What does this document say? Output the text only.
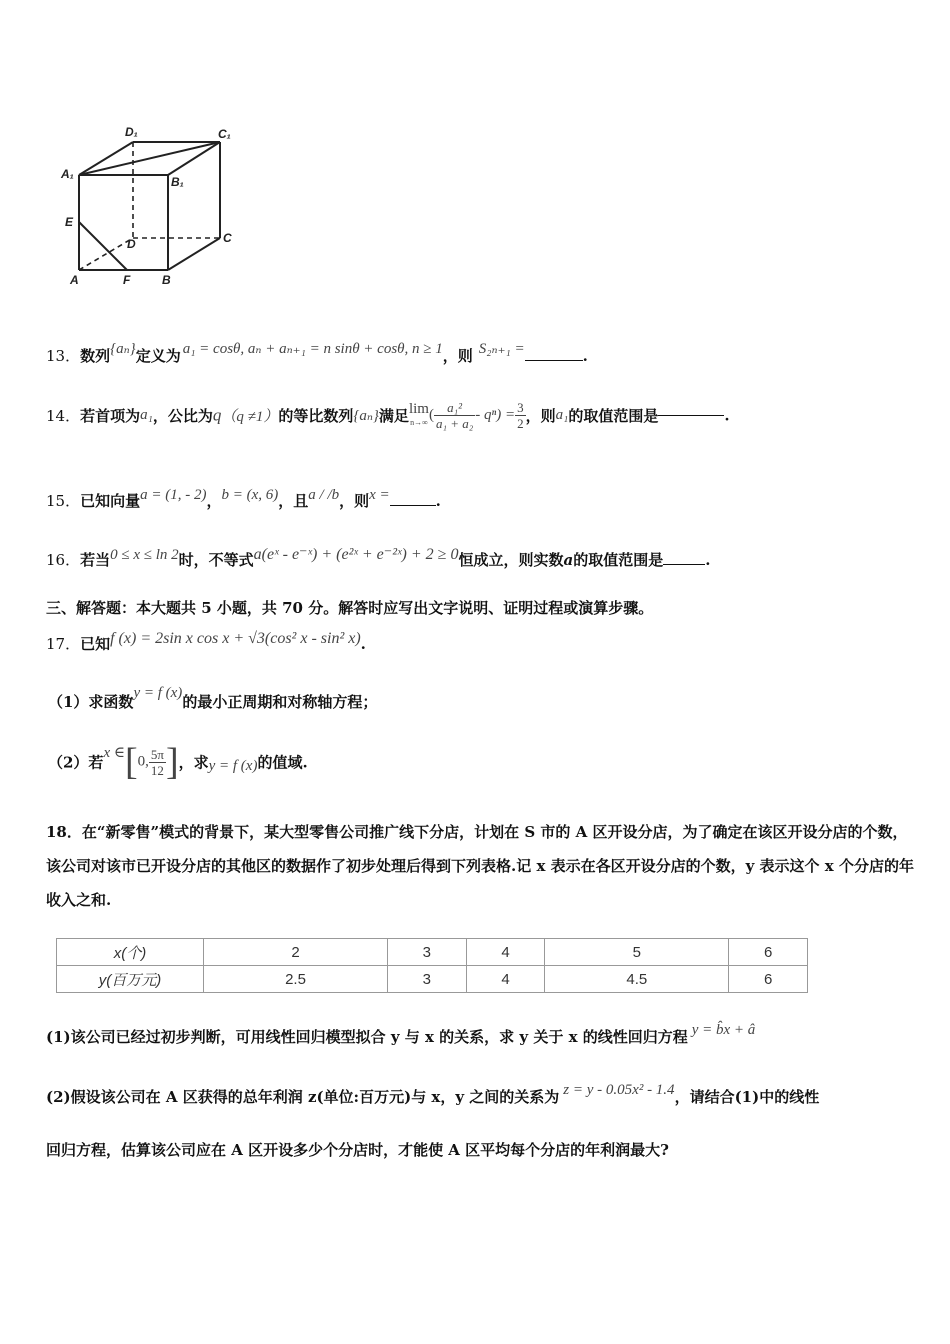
D₁	C₁
A₁
B₁
E
D	C
A	F	B
13．数列{aₙ}定义为 a₁ = cosθ, aₙ + aₙ₊₁ = n sinθ + cosθ, n ≥ 1，则 S₂ₙ₊₁ =	.
14．若首项为a₁，公比为q（q ≠1）的等比数列{aₙ}满足lim
$n\to\infty( \frac{\text{a₁²}}{\text{a₁ + a₂}} - q^n) = \frac{3}{2}$ ，则a₁的取值范围是	.
15．已知向量a = (1, - 2)，b = (x, 6)，且a / /b，则x =	.
16．若当0 ≤ x ≤ ln 2时，不等式a(eˣ - e⁻ˣ) + (e²ˣ + e⁻²ˣ) + 2 ≥ 0恒成立，则实数a的取值范围是	.
三、解答题：本大题共 5 小题，共 70 分。解答时应写出文字说明、证明过程或演算步骤。
17．已知f (x) = 2sin x cos x + √3(cos² x - sin² x).
（1）求函数y = f (x)的最小正周期和对称轴方程；
（2）若x ∈[0, $\frac{5\pi}{12}$ ]，求y = f (x)的值域.
18．在“新零售”模式的背景下，某大型零售公司推广线下分店，计划在 S 市的 A 区开设分店，为了确定在该区开设分店的个数，该公司对该市已开设分店的其他区的数据作了初步处理后得到下列表格.记 x 表示在各区开设分店的个数，y 表示这个 x 个分店的年收入之和.
x(个)	2	3	4	5	6
y(百万元)	2.5	3	4	4.5	6
(1)该公司已经过初步判断，可用线性回归模型拟合 y 与 x 的关系，求 y 关于 x 的线性回归方程 y = b̂x + â
(2)假设该公司在 A 区获得的总年利润 z(单位:百万元)与 x，y 之间的关系为 z = y - 0.05x² - 1.4，请结合(1)中的线性
回归方程，估算该公司应在 A 区开设多少个分店时，才能使 A 区平均每个分店的年利润最大?
